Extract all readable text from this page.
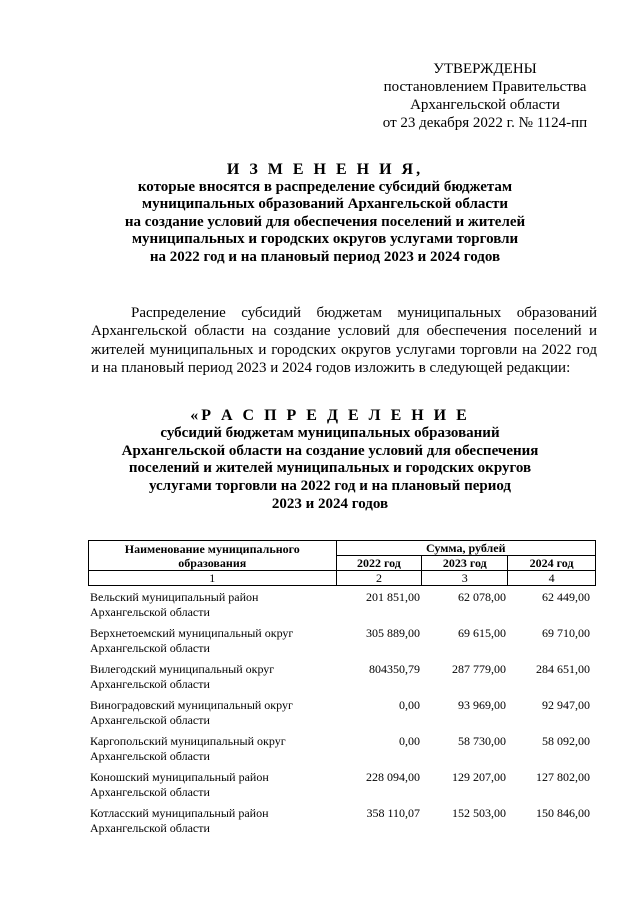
УТВЕРЖДЕНЫ
постановлением Правительства
Архангельской области
от 23 декабря 2022 г. № 1124-пп
И З М Е Н Е Н И Я,
которые вносятся в распределение субсидий бюджетам
муниципальных образований Архангельской области
на создание условий для обеспечения поселений и жителей
муниципальных и городских округов услугами торговли
на 2022 год и на плановый период 2023 и 2024 годов
Распределение субсидий бюджетам муниципальных образований Архангельской области на создание условий для обеспечения поселений и жителей муниципальных и городских округов услугами торговли на 2022 год и на плановый период 2023 и 2024 годов изложить в следующей редакции:
«Р А С П Р Е Д Е Л Е Н И Е
субсидий бюджетам муниципальных образований
Архангельской области на создание условий для обеспечения
поселений и жителей муниципальных и городских округов
услугами торговли на 2022 год и на плановый период
2023 и 2024 годов
Наименование муниципального
образования	Сумма, рублей		
	2022 год	2023 год	2024 год
1	2	3	4
Вельский муниципальный район
Архангельской области
201 851,00	62 078,00	62 449,00
Верхнетоемский муниципальный округ
Архангельской области
305 889,00	69 615,00	69 710,00
Вилегодский муниципальный округ
Архангельской области
804350,79	287 779,00	284 651,00
Виноградовский муниципальный округ
Архангельской области
0,00	93 969,00	92 947,00
Каргопольский муниципальный округ
Архангельской области
0,00	58 730,00	58 092,00
Коношский муниципальный район
Архангельской области
228 094,00	129 207,00	127 802,00
Котласский муниципальный район
Архангельской области
358 110,07	152 503,00	150 846,00
